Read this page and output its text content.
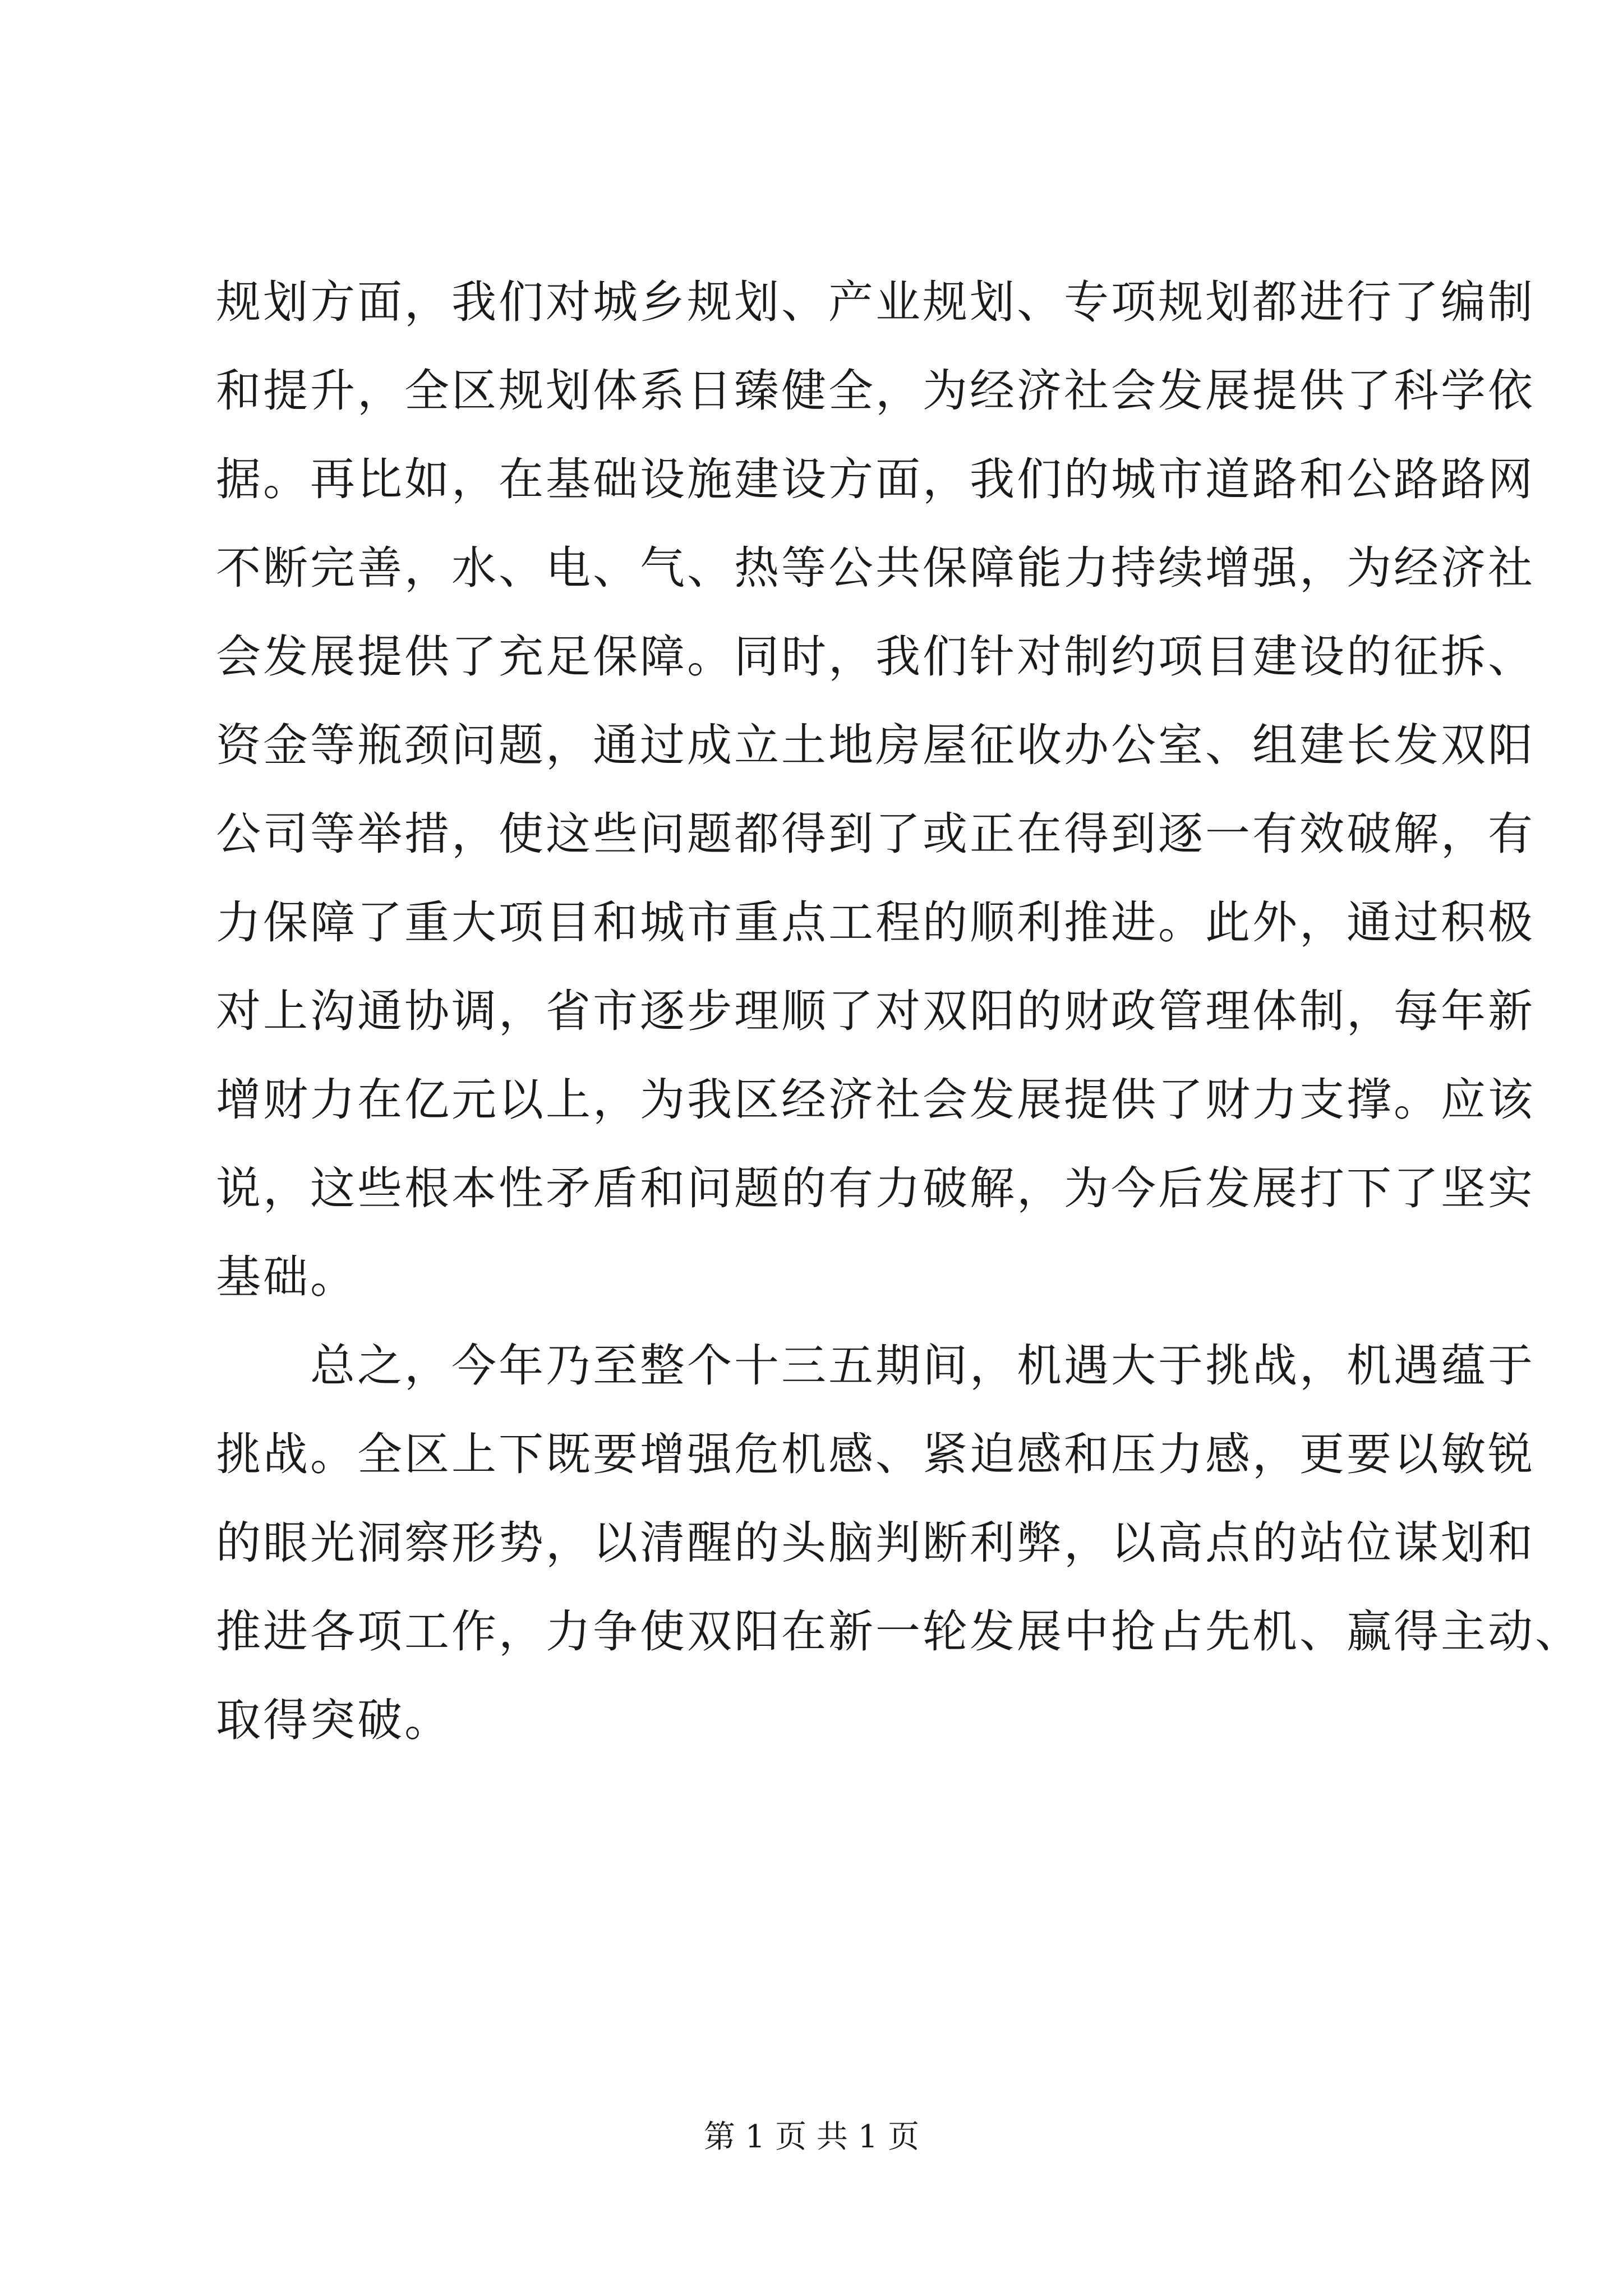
规划方面，我们对城乡规划、产业规划、专项规划都进行了编制
和提升，全区规划体系日臻健全，为经济社会发展提供了科学依
据。再比如，在基础设施建设方面，我们的城市道路和公路路网
不断完善，水、电、气、热等公共保障能力持续增强，为经济社
会发展提供了充足保障。同时，我们针对制约项目建设的征拆、
资金等瓶颈问题，通过成立土地房屋征收办公室、组建长发双阳
公司等举措，使这些问题都得到了或正在得到逐一有效破解，有
力保障了重大项目和城市重点工程的顺利推进。此外，通过积极
对上沟通协调，省市逐步理顺了对双阳的财政管理体制，每年新
增财力在亿元以上，为我区经济社会发展提供了财力支撑。应该
说，这些根本性矛盾和问题的有力破解，为今后发展打下了坚实
基础。
总之，今年乃至整个十三五期间，机遇大于挑战，机遇蕴于
挑战。全区上下既要增强危机感、紧迫感和压力感，更要以敏锐
的眼光洞察形势，以清醒的头脑判断利弊，以高点的站位谋划和
推进各项工作，力争使双阳在新一轮发展中抢占先机、赢得主动、
取得突破。
第 1 页 共 1 页
